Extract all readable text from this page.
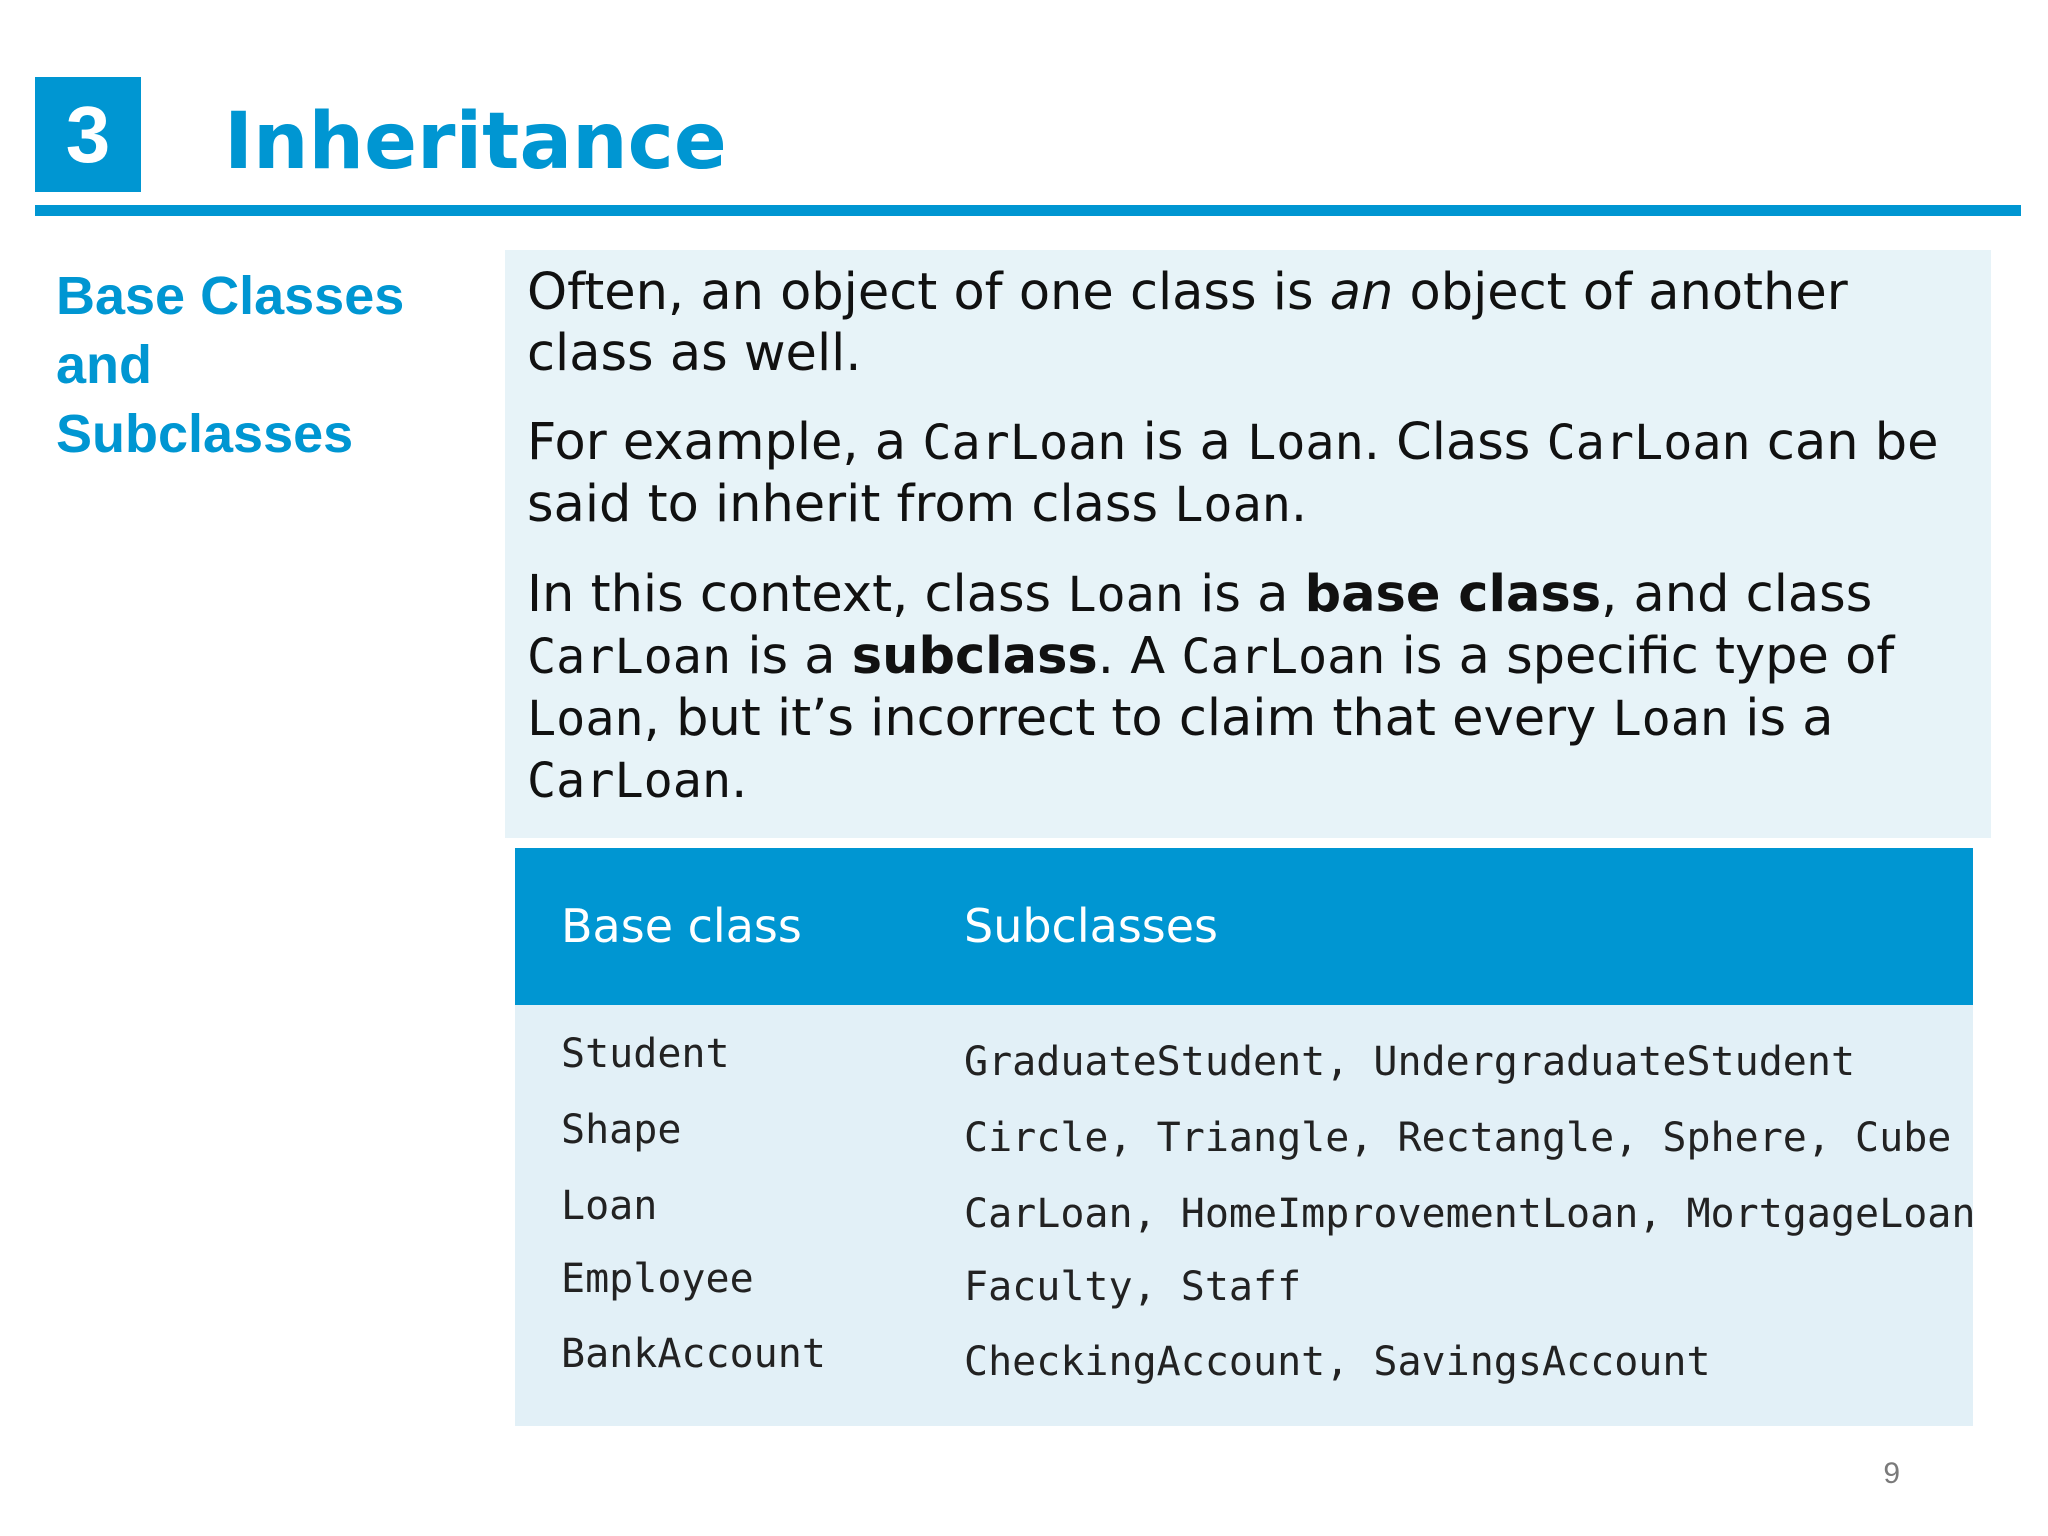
3	Inheritance
Base Classes
and
Subclasses

Often, an object of one class is an object of another class as well.

For example, a CarLoan is a Loan. Class CarLoan can be said to inherit from class Loan.

In this context, class Loan is a base class, and class CarLoan is a subclass. A CarLoan is a specific type of Loan, but it’s incorrect to claim that every Loan is a CarLoan.

Base class	Subclasses
Student	GraduateStudent, UndergraduateStudent
Shape	Circle, Triangle, Rectangle, Sphere, Cube
Loan	CarLoan, HomeImprovementLoan, MortgageLoan
Employee	Faculty, Staff
BankAccount	CheckingAccount, SavingsAccount
9
